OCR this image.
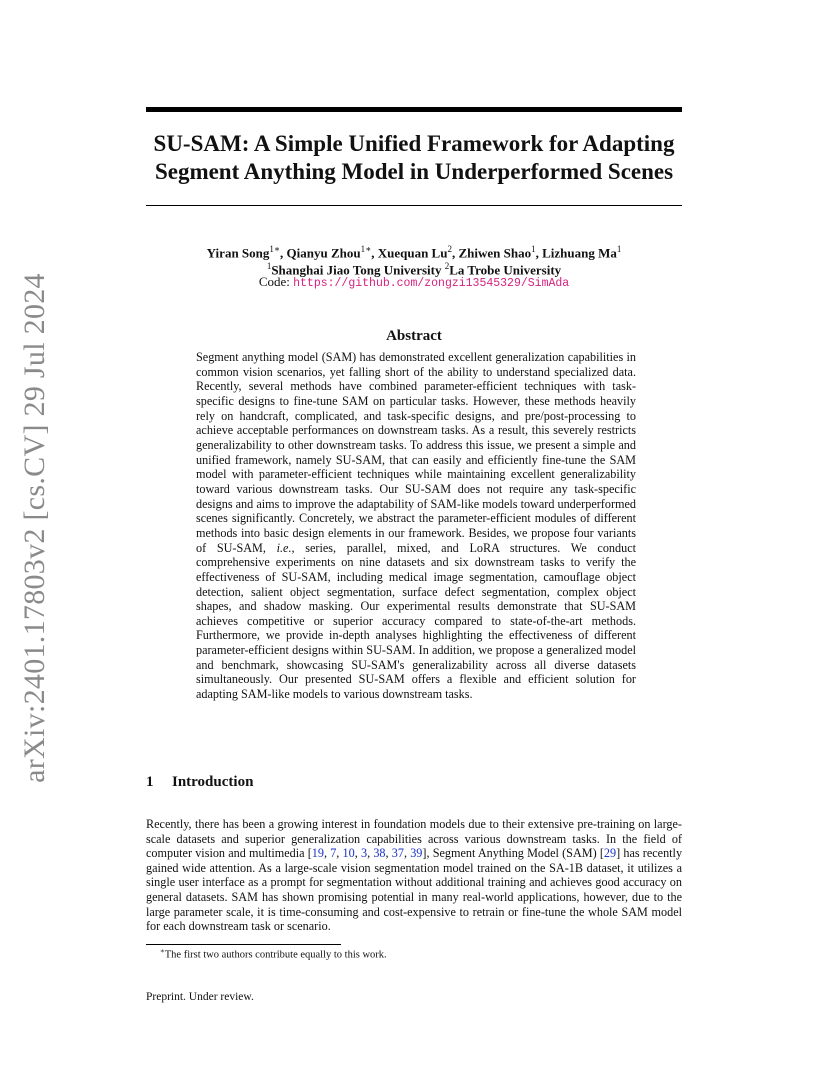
arXiv:2401.17803v2 [cs.CV] 29 Jul 2024
SU-SAM: A Simple Unified Framework for Adapting
Segment Anything Model in Underperformed Scenes
Yiran Song$^{1∗}$, Qianyu Zhou$^{1∗}$, Xuequan Lu$^2$, Zhiwen Shao$^1$, Lizhuang Ma$^1$
$^1$Shanghai Jiao Tong University $^2$La Trobe University
Code: https://github.com/zongzi13545329/SimAda
Abstract
Segment anything model (SAM) has demonstrated excellent generalization capabilities in common vision scenarios, yet falling short of the ability to understand specialized data. Recently, several methods have combined parameter-efficient techniques with task-specific designs to fine-tune SAM on particular tasks. However, these methods heavily rely on handcraft, complicated, and task-specific designs, and pre/post-processing to achieve acceptable performances on downstream tasks. As a result, this severely restricts generalizability to other downstream tasks. To address this issue, we present a simple and unified framework, namely SU-SAM, that can easily and efficiently fine-tune the SAM model with parameter-efficient techniques while maintaining excellent generalizability toward various downstream tasks. Our SU-SAM does not require any task-specific designs and aims to improve the adaptability of SAM-like models toward underperformed scenes significantly. Concretely, we abstract the parameter-efficient modules of different methods into basic design elements in our framework. Besides, we propose four variants of SU-SAM, i.e., series, parallel, mixed, and LoRA structures. We conduct comprehensive experiments on nine datasets and six downstream tasks to verify the effectiveness of SU-SAM, including medical image segmentation, camouflage object detection, salient object segmentation, surface defect segmentation, complex object shapes, and shadow masking. Our experimental results demonstrate that SU-SAM achieves competitive or superior accuracy compared to state-of-the-art methods. Furthermore, we provide in-depth analyses highlighting the effectiveness of different parameter-efficient designs within SU-SAM. In addition, we propose a generalized model and benchmark, showcasing SU-SAM's generalizability across all diverse datasets simultaneously. Our presented SU-SAM offers a flexible and efficient solution for adapting SAM-like models to various downstream tasks.
1 Introduction
Recently, there has been a growing interest in foundation models due to their extensive pre-training on large-scale datasets and superior generalization capabilities across various downstream tasks. In the field of computer vision and multimedia [19, 7, 10, 3, 38, 37, 39], Segment Anything Model (SAM) [29] has recently gained wide attention. As a large-scale vision segmentation model trained on the SA-1B dataset, it utilizes a single user interface as a prompt for segmentation without additional training and achieves good accuracy on general datasets. SAM has shown promising potential in many real-world applications, however, due to the large parameter scale, it is time-consuming and cost-expensive to retrain or fine-tune the whole SAM model for each downstream task or scenario.
∗The first two authors contribute equally to this work.
Preprint. Under review.
